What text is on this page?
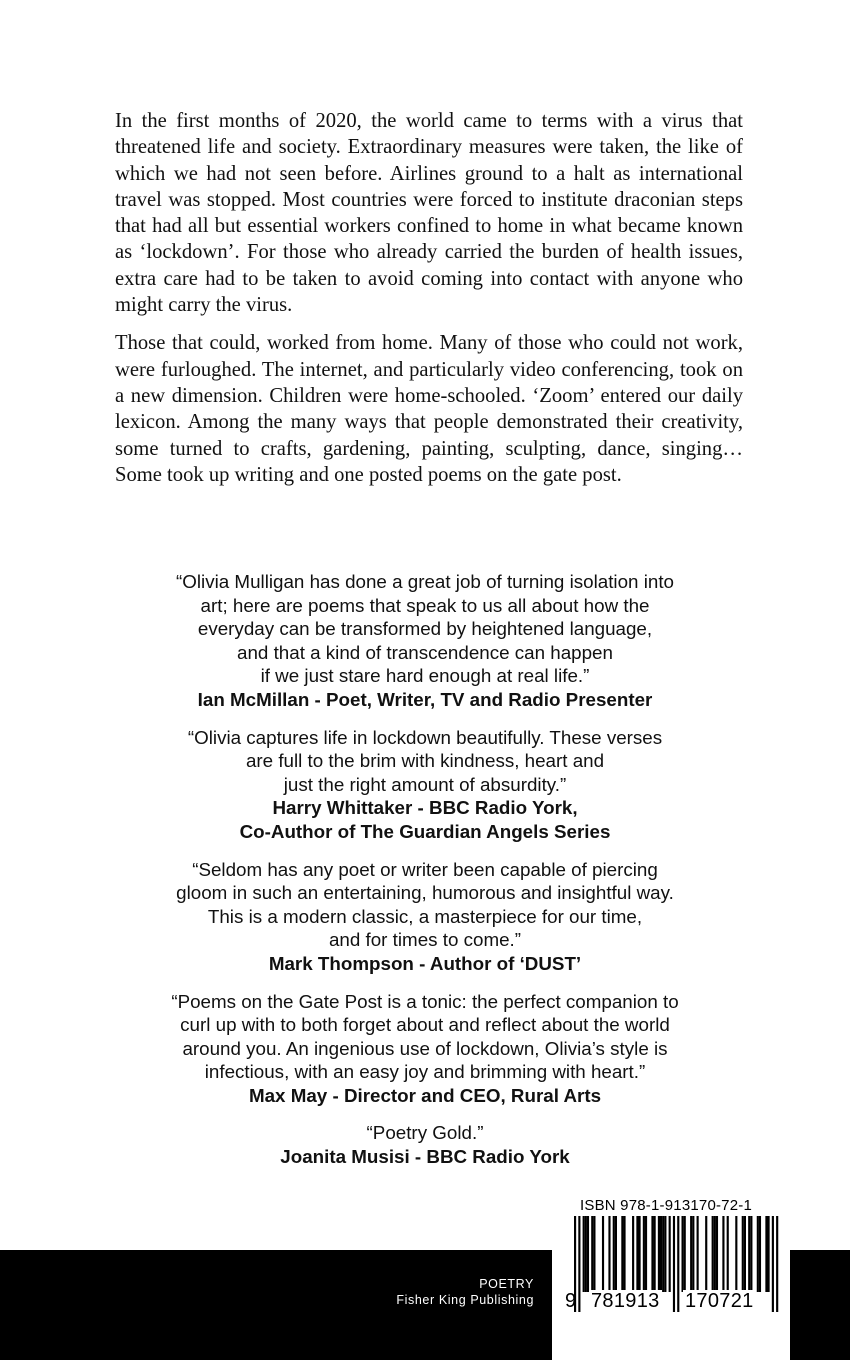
In the first months of 2020, the world came to terms with a virus that threatened life and society. Extraordinary measures were taken, the like of which we had not seen before. Airlines ground to a halt as international travel was stopped. Most countries were forced to institute draconian steps that had all but essential workers confined to home in what became known as ‘lockdown’. For those who already carried the burden of health issues, extra care had to be taken to avoid coming into contact with anyone who might carry the virus.

Those that could, worked from home. Many of those who could not work, were furloughed. The internet, and particularly video conferencing, took on a new dimension. Children were home-schooled. ‘Zoom’ entered our daily lexicon. Among the many ways that people demonstrated their creativity, some turned to crafts, gardening, painting, sculpting, dance, singing… Some took up writing and one posted poems on the gate post.

“Olivia Mulligan has done a great job of turning isolation into
art; here are poems that speak to us all about how the
everyday can be transformed by heightened language,
and that a kind of transcendence can happen
if we just stare hard enough at real life.”
Ian McMillan - Poet, Writer, TV and Radio Presenter
“Olivia captures life in lockdown beautifully. These verses
are full to the brim with kindness, heart and
just the right amount of absurdity.”
Harry Whittaker - BBC Radio York,
Co-Author of The Guardian Angels Series
“Seldom has any poet or writer been capable of piercing
gloom in such an entertaining, humorous and insightful way.
This is a modern classic, a masterpiece for our time,
and for times to come.”
Mark Thompson - Author of ‘DUST’
“Poems on the Gate Post is a tonic: the perfect companion to
curl up with to both forget about and reflect about the world
around you. An ingenious use of lockdown, Olivia’s style is
infectious, with an easy joy and brimming with heart.”
Max May - Director and CEO, Rural Arts
“Poetry Gold.”
Joanita Musisi - BBC Radio York
POETRY
Fisher King Publishing
ISBN 978-1-913170-72-1
9 781913 170721
